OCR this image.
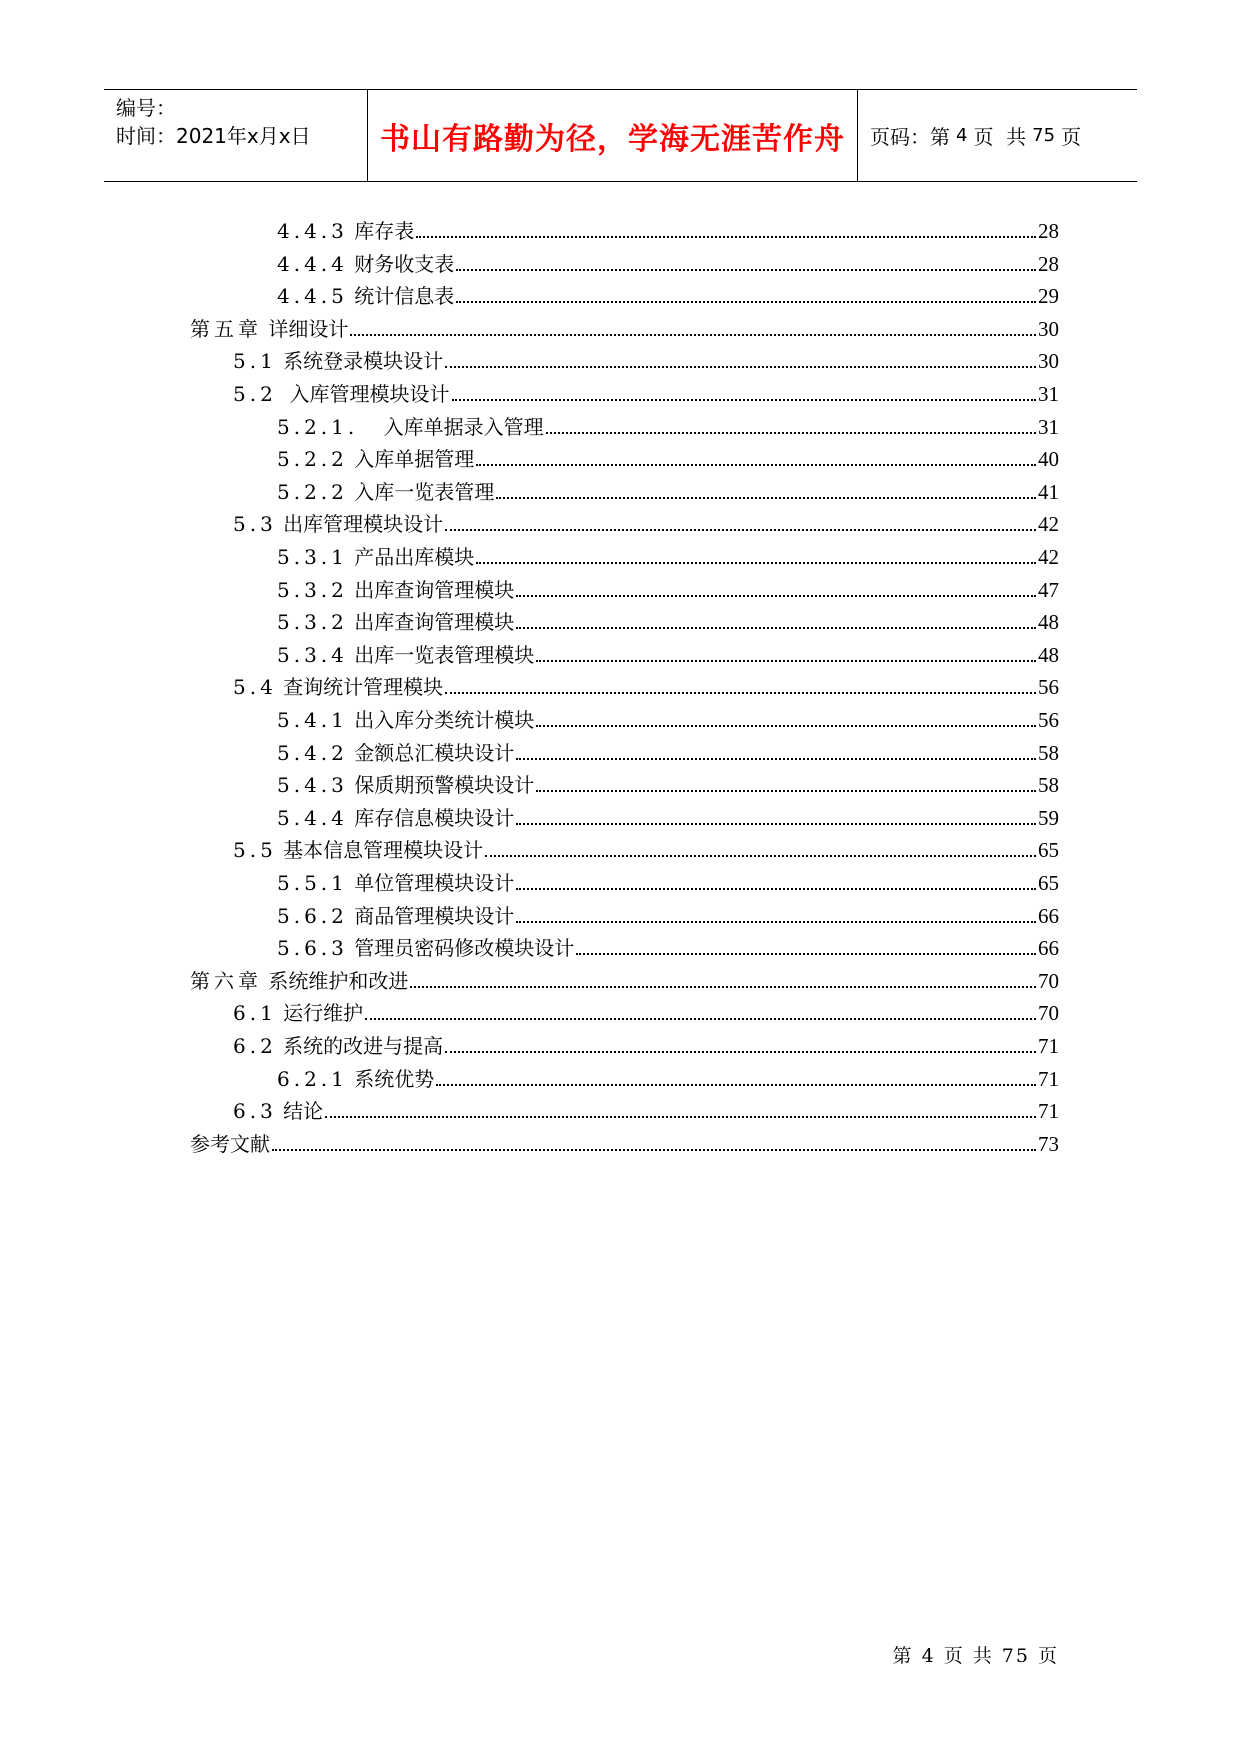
编号：
时间：2021年x月x日	书山有路勤为径，学海无涯苦作舟	页码：第 4 页  共 75 页
4.4.3 库存表	28
4.4.4 财务收支表	28
4.4.5 统计信息表	29
第五章 详细设计	30
5.1 系统登录模块设计	30
5.2  入库管理模块设计	31
5.2.1.    入库单据录入管理	31
5.2.2 入库单据管理	40
5.2.2 入库一览表管理	41
5.3 出库管理模块设计	42
5.3.1 产品出库模块	42
5.3.2 出库查询管理模块	47
5.3.2 出库查询管理模块	48
5.3.4 出库一览表管理模块	48
5.4 查询统计管理模块	56
5.4.1 出入库分类统计模块	56
5.4.2 金额总汇模块设计	58
5.4.3 保质期预警模块设计	58
5.4.4 库存信息模块设计	59
5.5 基本信息管理模块设计	65
5.5.1 单位管理模块设计	65
5.6.2 商品管理模块设计	66
5.6.3 管理员密码修改模块设计	66
第六章 系统维护和改进	70
6.1 运行维护	70
6.2 系统的改进与提高	71
6.2.1 系统优势	71
6.3 结论	71
参考文献	73
第 4 页 共 75 页
